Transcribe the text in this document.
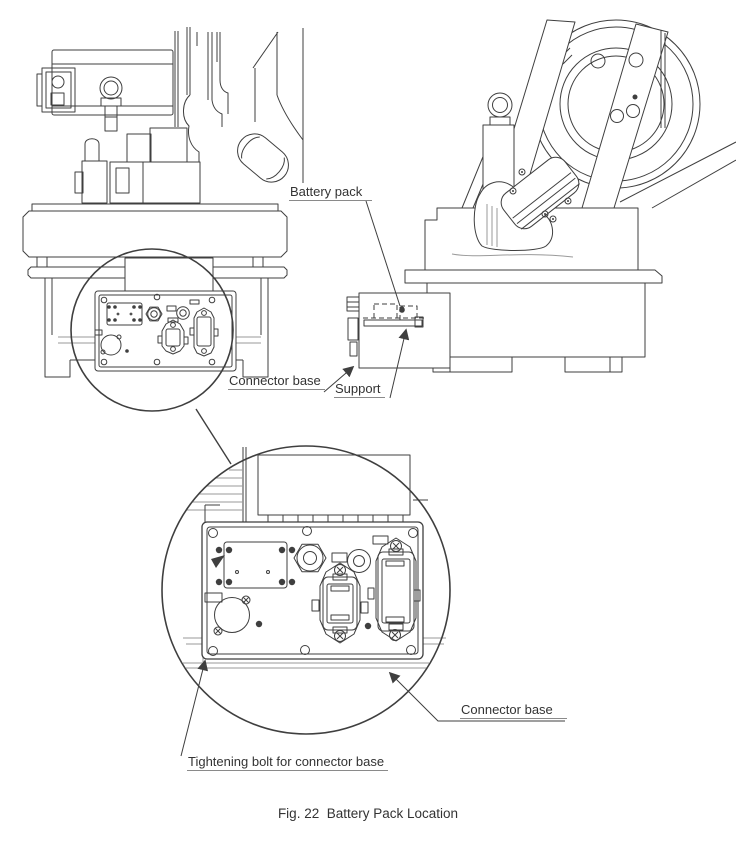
Battery pack
Connector base
Support
Connector base
Tightening bolt for connector base
Fig. 22  Battery Pack Location
